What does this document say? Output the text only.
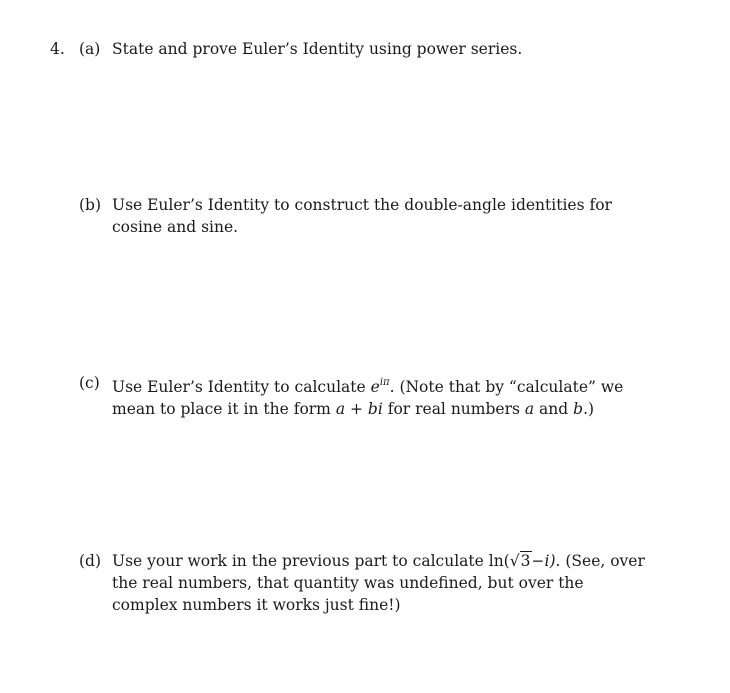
4. (a) State and prove Euler’s Identity using power series.
(b) Use Euler’s Identity to construct the double-angle identities for cosine and sine.
(c) Use Euler’s Identity to calculate $e^{i\pi}$. (Note that by “calculate” we mean to place it in the form a + bi for real numbers a and b.)
(d) Use your work in the previous part to calculate ln(√3−i). (See, over the real numbers, that quantity was undefined, but over the complex numbers it works just fine!)
